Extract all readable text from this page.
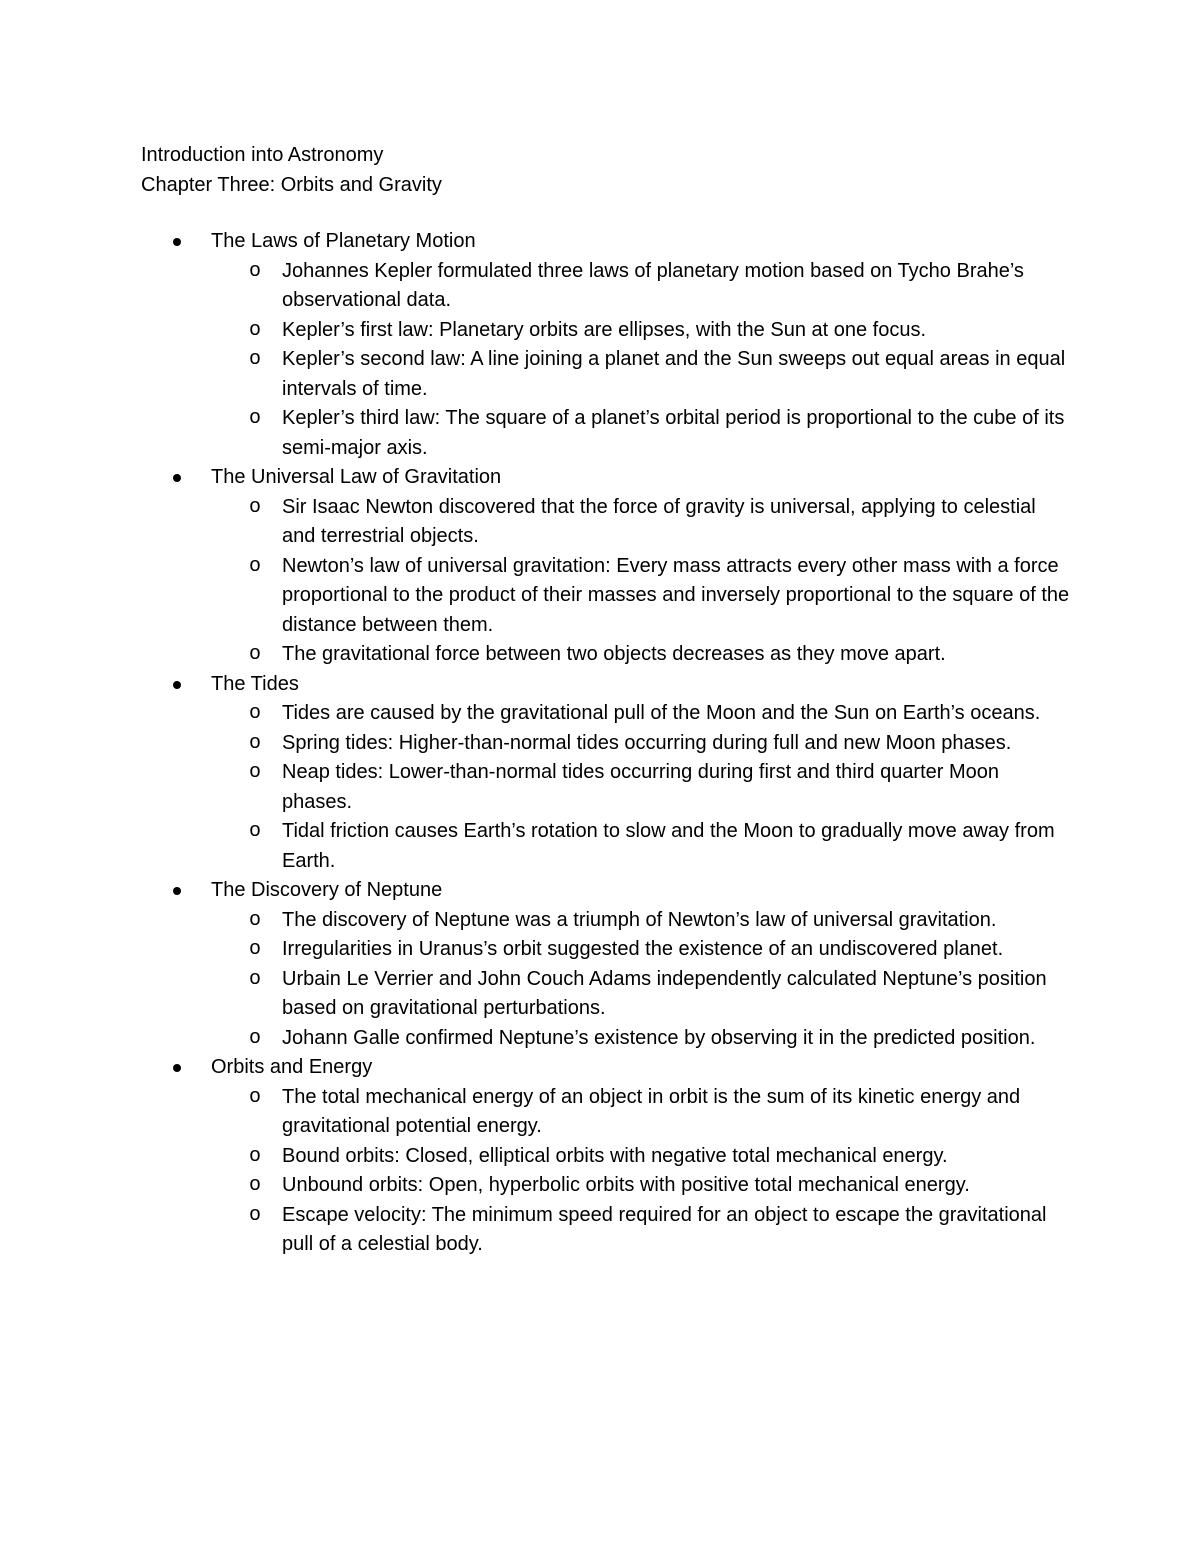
Introduction into Astronomy

Chapter Three: Orbits and Gravity

The Laws of Planetary Motion
o Johannes Kepler formulated three laws of planetary motion based on Tycho Brahe’s observational data.
o Kepler’s first law: Planetary orbits are ellipses, with the Sun at one focus.
o Kepler’s second law: A line joining a planet and the Sun sweeps out equal areas in equal intervals of time.
o Kepler’s third law: The square of a planet’s orbital period is proportional to the cube of its semi-major axis.
The Universal Law of Gravitation
o Sir Isaac Newton discovered that the force of gravity is universal, applying to celestial and terrestrial objects.
o Newton’s law of universal gravitation: Every mass attracts every other mass with a force proportional to the product of their masses and inversely proportional to the square of the distance between them.
o The gravitational force between two objects decreases as they move apart.
The Tides
o Tides are caused by the gravitational pull of the Moon and the Sun on Earth’s oceans.
o Spring tides: Higher-than-normal tides occurring during full and new Moon phases.
o Neap tides: Lower-than-normal tides occurring during first and third quarter Moon phases.
o Tidal friction causes Earth’s rotation to slow and the Moon to gradually move away from Earth.
The Discovery of Neptune
o The discovery of Neptune was a triumph of Newton’s law of universal gravitation.
o Irregularities in Uranus’s orbit suggested the existence of an undiscovered planet.
o Urbain Le Verrier and John Couch Adams independently calculated Neptune’s position based on gravitational perturbations.
o Johann Galle confirmed Neptune’s existence by observing it in the predicted position.
Orbits and Energy
o The total mechanical energy of an object in orbit is the sum of its kinetic energy and gravitational potential energy.
o Bound orbits: Closed, elliptical orbits with negative total mechanical energy.
o Unbound orbits: Open, hyperbolic orbits with positive total mechanical energy.
o Escape velocity: The minimum speed required for an object to escape the gravitational pull of a celestial body.
